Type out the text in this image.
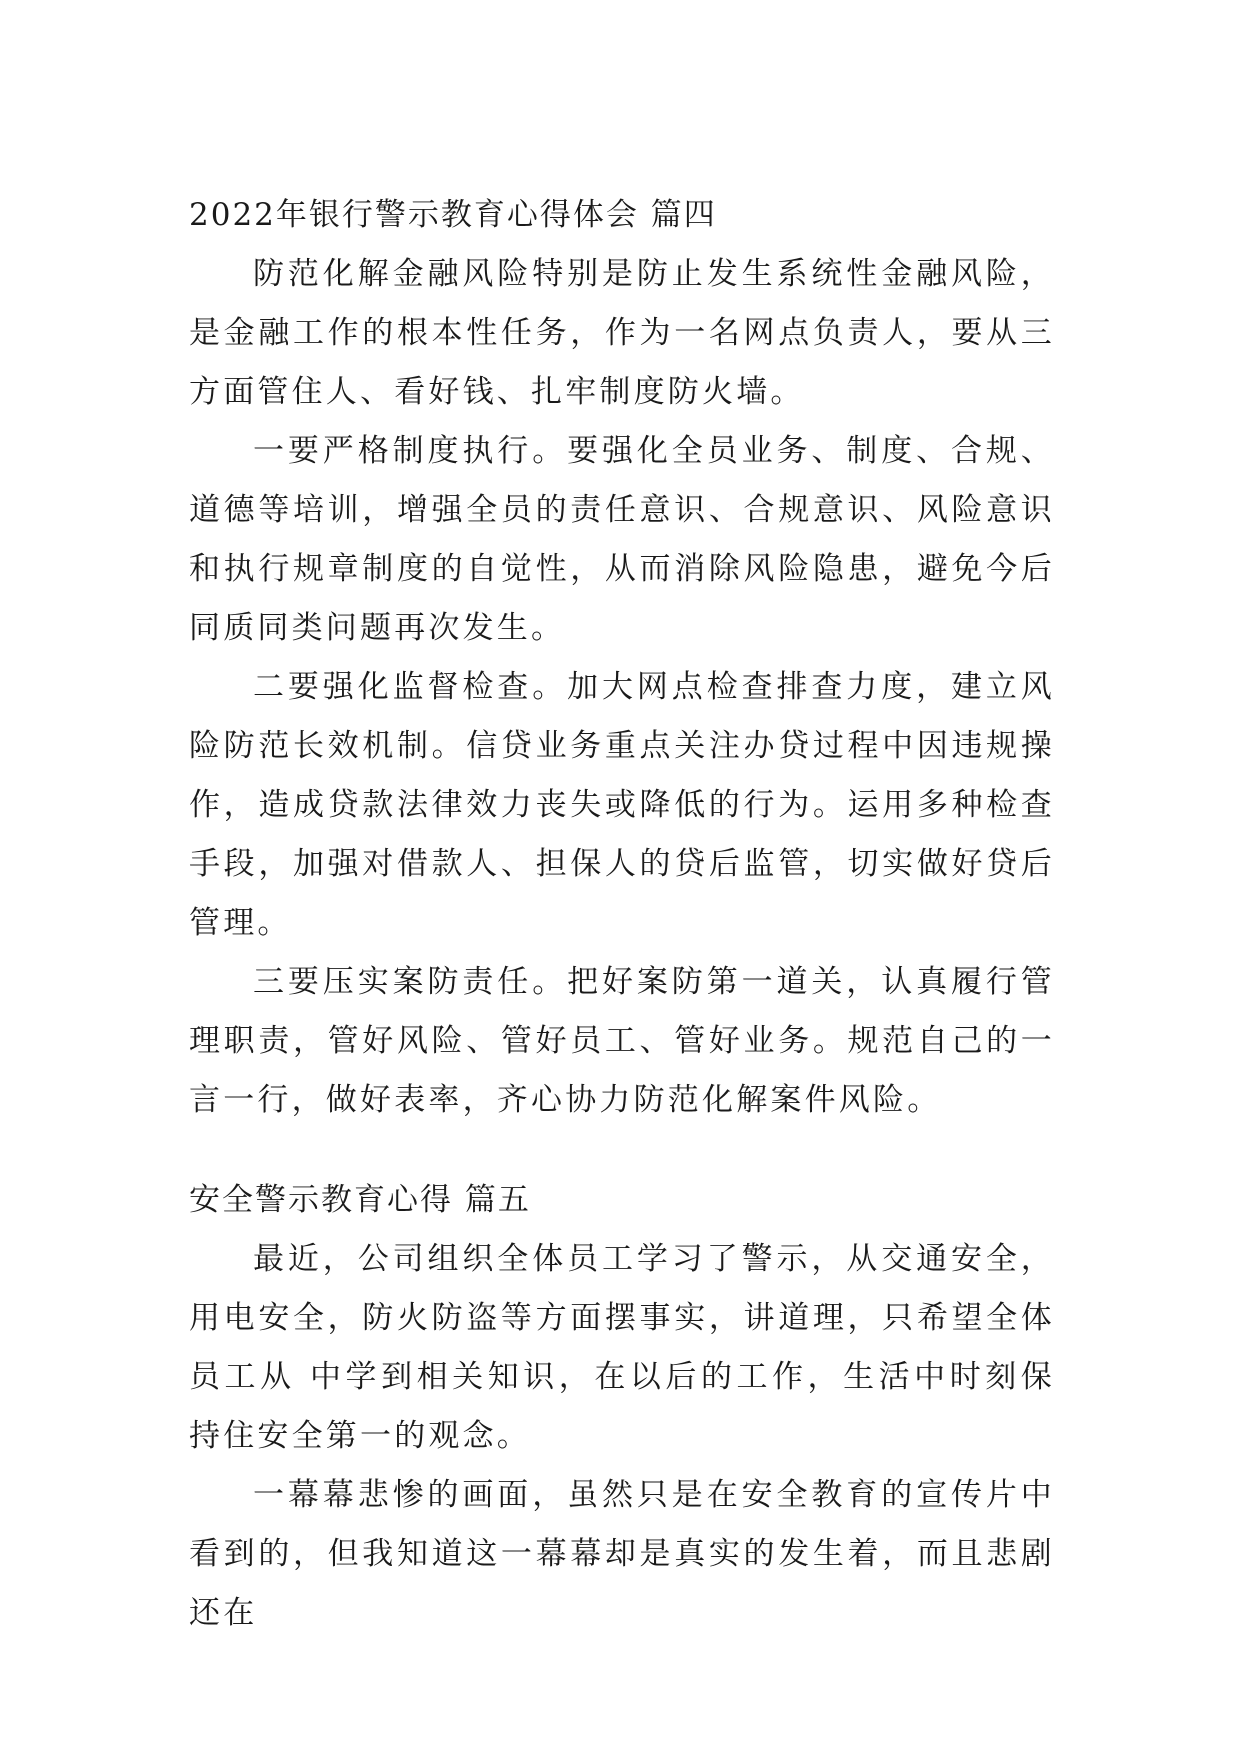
2022年银行警示教育心得体会 篇四

防范化解金融风险特别是防止发生系统性金融风险，是金融工作的根本性任务，作为一名网点负责人，要从三方面管住人、看好钱、扎牢制度防火墙。

一要严格制度执行。要强化全员业务、制度、合规、道德等培训，增强全员的责任意识、合规意识、风险意识和执行规章制度的自觉性，从而消除风险隐患，避免今后同质同类问题再次发生。

二要强化监督检查。加大网点检查排查力度，建立风险防范长效机制。信贷业务重点关注办贷过程中因违规操作，造成贷款法律效力丧失或降低的行为。运用多种检查手段，加强对借款人、担保人的贷后监管，切实做好贷后管理。

三要压实案防责任。把好案防第一道关，认真履行管理职责，管好风险、管好员工、管好业务。规范自己的一言一行，做好表率，齐心协力防范化解案件风险。

安全警示教育心得 篇五

最近，公司组织全体员工学习了警示，从交通安全，用电安全，防火防盗等方面摆事实，讲道理，只希望全体员工从 中学到相关知识，在以后的工作，生活中时刻保持住安全第一的观念。

一幕幕悲惨的画面，虽然只是在安全教育的宣传片中看到的，但我知道这一幕幕却是真实的发生着，而且悲剧还在
